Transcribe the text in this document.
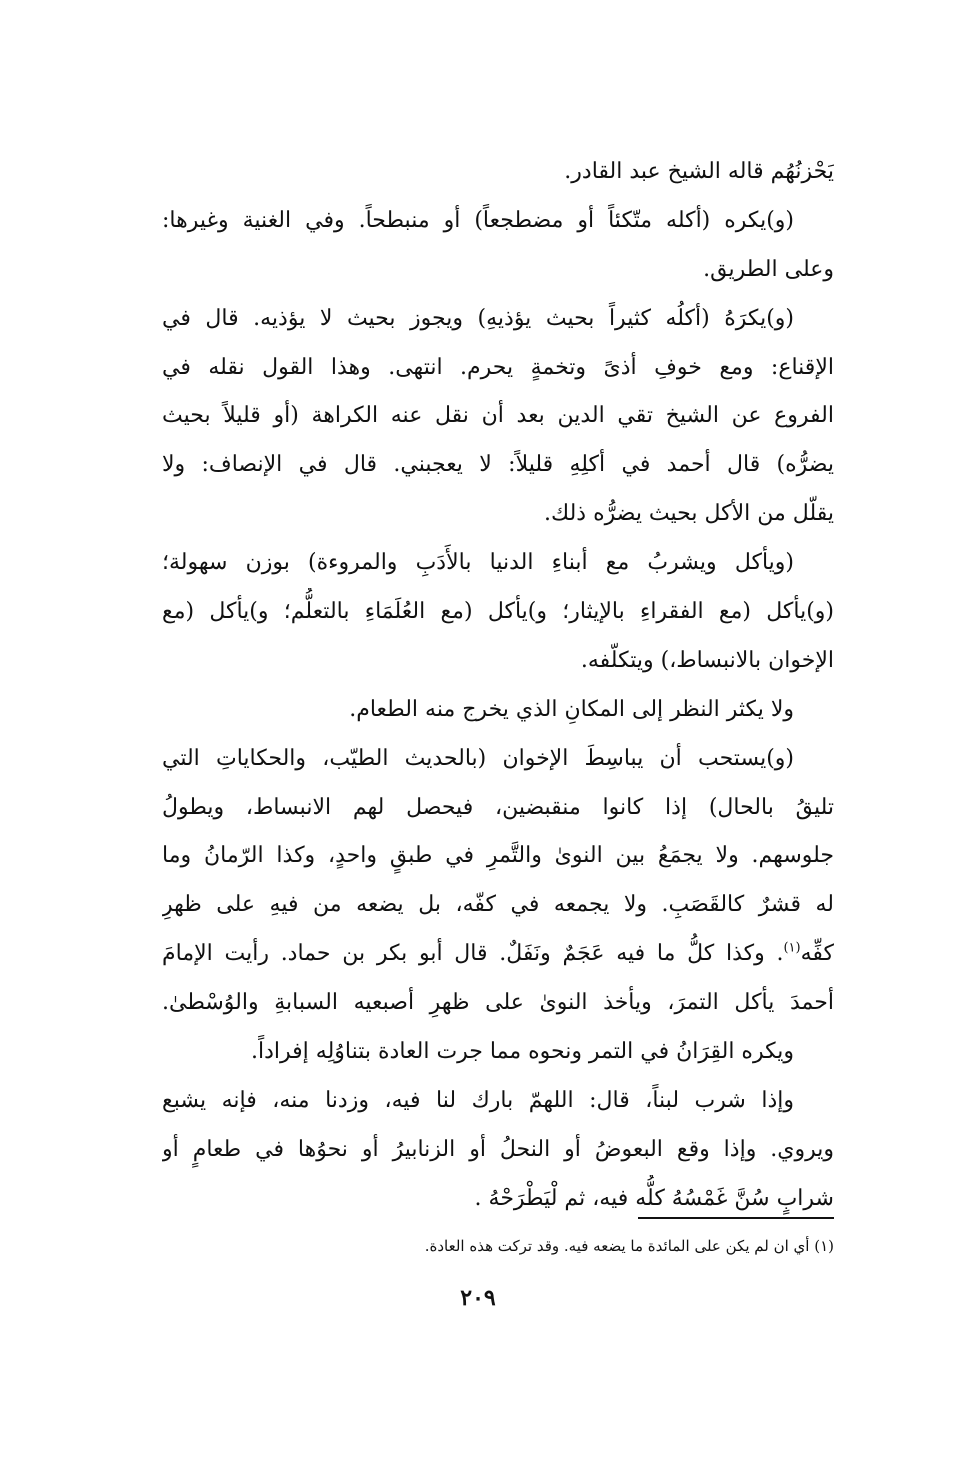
يَحْزنُهُم قاله الشيخ عبد القادر.
(و)يكره (أكله متّكئاً أو مضطجعاً) أو منبطحاً. وفي الغنية وغيرها:
وعلى الطريق.
(و)يكرَهُ (أكلُه كثيراً بحيث يؤذيهِ) ويجوز بحيث لا يؤذيه. قال في
الإقناع: ومع خوفِ أذىً وتخمةٍ يحرم. انتهى. وهذا القول نقله في
الفروع عن الشيخ تقي الدين بعد أن نقل عنه الكراهة (أو قليلاً بحيث
يضرُّه) قال أحمد في أكلِهِ قليلاً: لا يعجبني. قال في الإنصاف: ولا
يقلّل من الأكل بحيث يضرُّه ذلك.
(ويأكل ويشربُ مع أبناءِ الدنيا بالأَدَبِ والمروءة) بوزن سهولة؛
(و)يأكل (مع الفقراءِ بالإيثار؛ و)يأكل (مع العُلَمَاءِ بالتعلُّم؛ و)يأكل (مع
الإخوان بالانبساط،) ويتكلّفه.
ولا يكثر النظر إلى المكانِ الذي يخرج منه الطعام.
(و)يستحب أن يباسِطَ الإخوان (بالحديث الطيّب، والحكاياتِ التي
تليقُ بالحال) إذا كانوا منقبضين، فيحصل لهم الانبساط، ويطولُ
جلوسهم. ولا يجمَعُ بين النوىٰ والتَّمرِ في طبقٍ واحدٍ، وكذا الرّمانُ وما
له قشرٌ كالقَصَبِ. ولا يجمعه في كفّه، بل يضعه من فيهِ على ظهرِ
كفِّه$^{(١)}$. وكذا كلُّ ما فيه عَجَمٌ ونَفَلٌ. قال أبو بكر بن حماد. رأيت الإمامَ
أحمدَ يأكل التمرَ، ويأخذ النوىٰ على ظهرِ أصبعيه السبابةِ والوُسْطىٰ.
ويكره القِرَانُ في التمر ونحوه مما جرت العادة بتناوُلِه إفراداً.
وإذا شرب لبناً، قال: اللهمّ بارك لنا فيه، وزدنا منه، فإنه يشبع
ويروي. وإذا وقع البعوضُ أو النحلُ أو الزنابيرُ أو نحوُها في طعامٍ أو
شرابٍ سُنَّ غَمْسُهُ كلُّه فيه، ثم لْيَطْرَحْهُ .
(١) أي ان لم يكن على المائدة ما يضعه فيه. وقد تركت هذه العادة.
٢٠٩
